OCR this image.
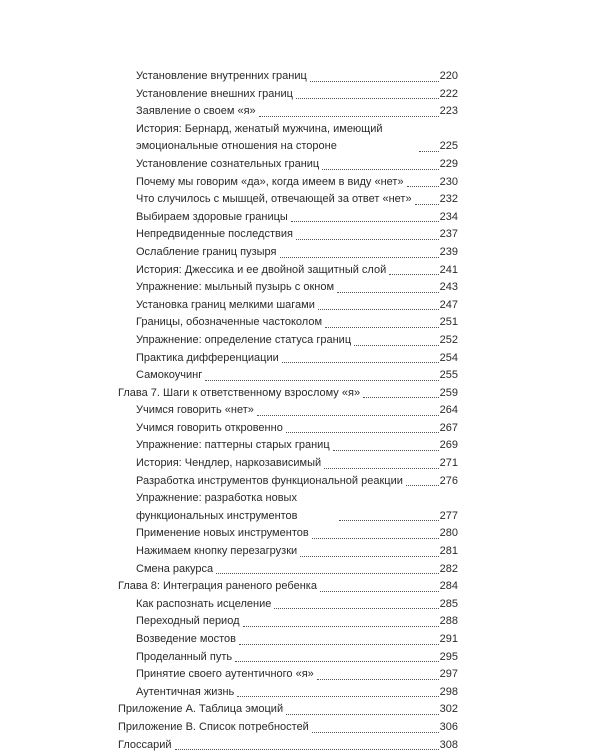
Установление внутренних границ	220
Установление внешних границ	222
Заявление о своем «я»	223
История: Бернард, женатый мужчина, имеющий эмоциональные отношения на стороне	225
Установление сознательных границ	229
Почему мы говорим «да», когда имеем в виду «нет»	230
Что случилось с мышцей, отвечающей за ответ «нет»	232
Выбираем здоровые границы	234
Непредвиденные последствия	237
Ослабление границ пузыря	239
История: Джессика и ее двойной защитный слой	241
Упражнение: мыльный пузырь с окном	243
Установка границ мелкими шагами	247
Границы, обозначенные частоколом	251
Упражнение: определение статуса границ	252
Практика дифференциации	254
Самокоучинг	255
Глава 7. Шаги к ответственному взрослому «я»	259
Учимся говорить «нет»	264
Учимся говорить откровенно	267
Упражнение: паттерны старых границ	269
История: Чендлер, наркозависимый	271
Разработка инструментов функциональной реакции	276
Упражнение: разработка новых функциональных инструментов	277
Применение новых инструментов	280
Нажимаем кнопку перезагрузки	281
Смена ракурса	282
Глава 8: Интеграция раненого ребенка	284
Как распознать исцеление	285
Переходный период	288
Возведение мостов	291
Проделанный путь	295
Принятие своего аутентичного «я»	297
Аутентичная жизнь	298
Приложение А. Таблица эмоций	302
Приложение В. Список потребностей	306
Глоссарий	308
